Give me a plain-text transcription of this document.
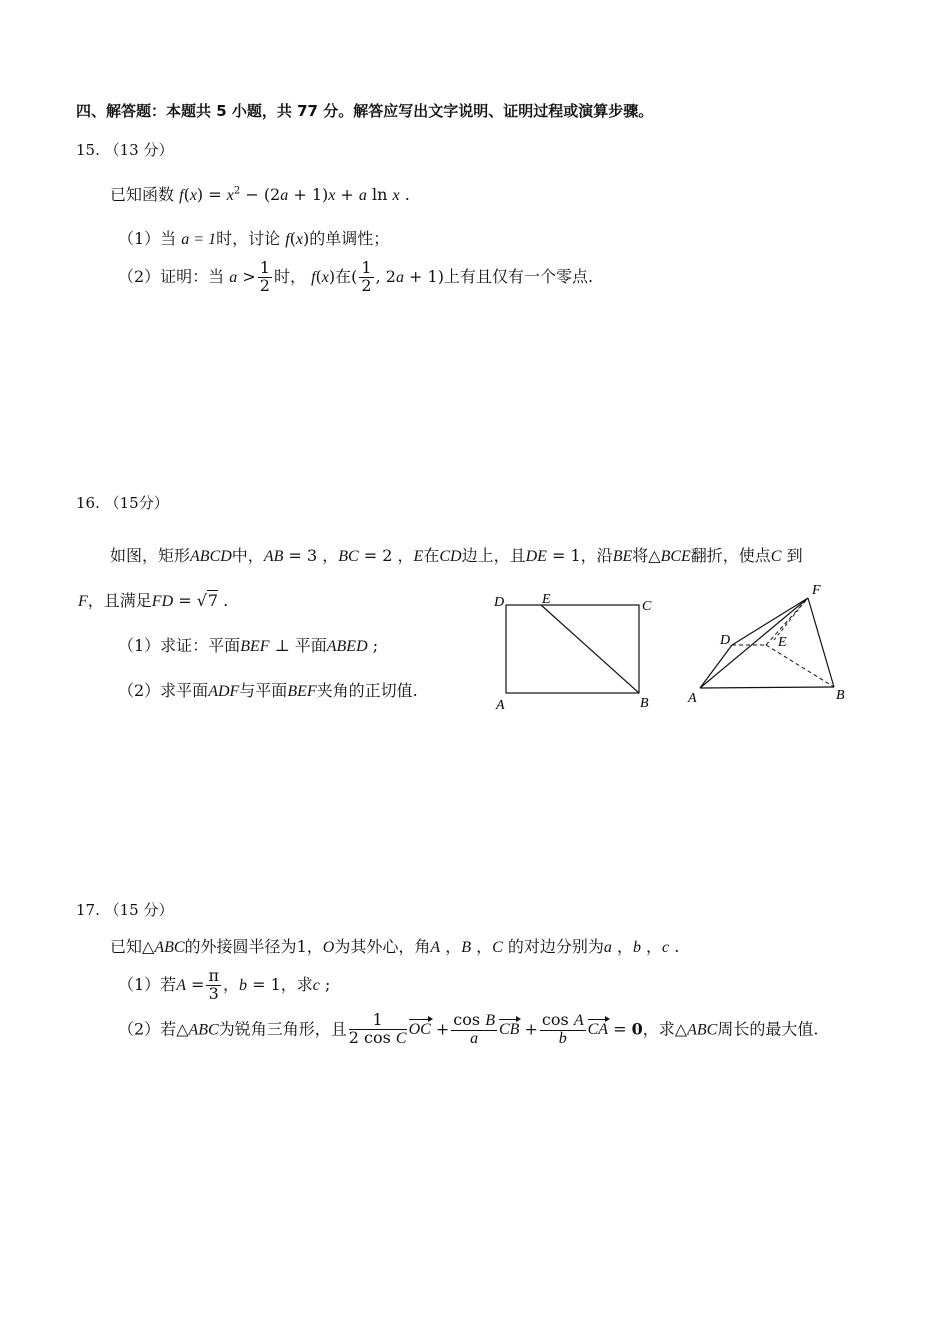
四、解答题：本题共 5 小题，共 77 分。解答应写出文字说明、证明过程或演算步骤。
15. （13 分）
已知函数 $f(x) = x^2 - (2a + 1)x + a$ ln x .
（1）当 a = 1时，讨论 f(x)的单调性；
（2）证明：当 $a > \frac{1}{2}$ 时， f(x)在( $\frac{1}{2}$ , 2a + 1)上有且仅有一个零点.
16. （15分）
如图，矩形ABCD中，AB = 3 ，BC = 2 ，E在CD边上，且DE = 1，沿BE将△BCE翻折，使点C 到
F，且满足FD = √7 .
（1）求证：平面BEF ⊥ 平面ABED ;
（2）求平面ADF与平面BEF夹角的正切值.
D	E	C
A	B
F
D	E
A	B
17. （15 分）
已知△ABC的外接圆半径为1，O为其外心，角A ，B ，C 的对边分别为a ，b ，c .
（1）若$A = \frac{\pi}{3}$ ，b = 1，求c ;
（2）若△ABC为锐角三角形，且 $\frac{1}{\text{2 cos C}}$ OC + $\frac{\text{cos B}}{a}$ CB + $\frac{\text{cos A}}{b}$ CA = 0，求△ABC周长的最大值.
